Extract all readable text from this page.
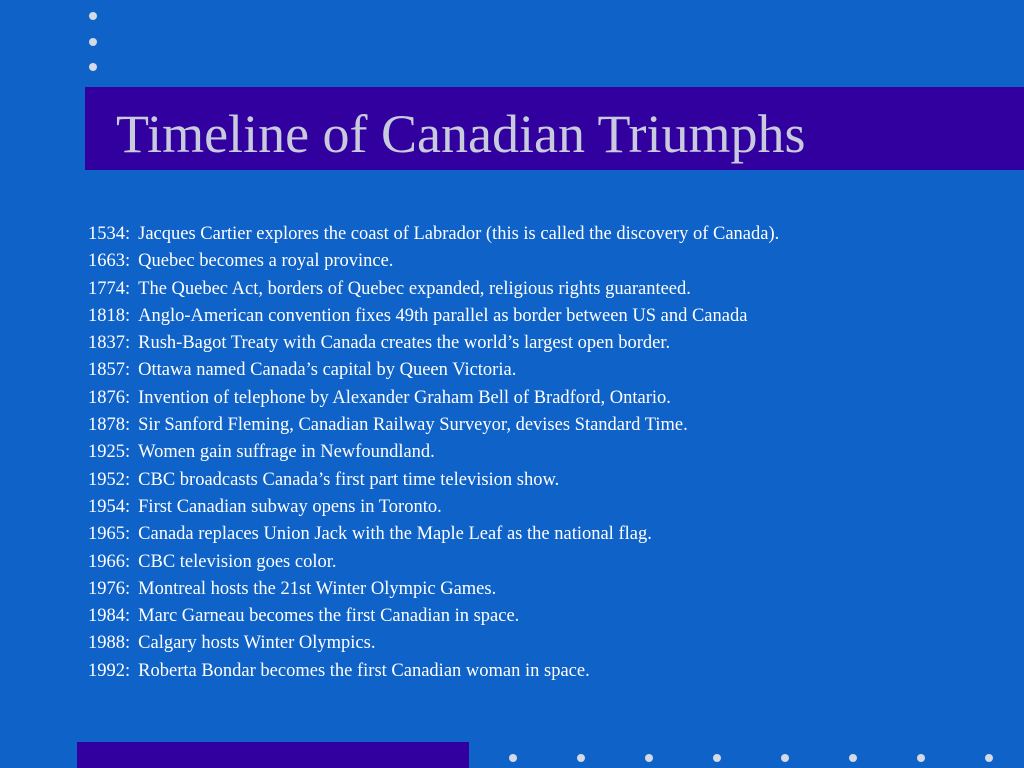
Timeline of Canadian Triumphs
1534 : Jacques Cartier explores the coast of Labrador (this is called the discovery of Canada).
1663 : Quebec becomes a royal province.
1774 : The Quebec Act, borders of Quebec expanded, religious rights guaranteed.
1818 : Anglo-American convention fixes 49th parallel as border between US and Canada
1837 : Rush-Bagot Treaty with Canada creates the world’s largest open border.
1857 : Ottawa named Canada’s capital by Queen Victoria.
1876 : Invention of telephone by Alexander Graham Bell of Bradford, Ontario.
1878 : Sir Sanford Fleming, Canadian Railway Surveyor, devises Standard Time.
1925 : Women gain suffrage in Newfoundland.
1952 : CBC broadcasts Canada’s first part time television show.
1954 : First Canadian subway opens in Toronto.
1965 : Canada replaces Union Jack with the Maple Leaf as the national flag.
1966 : CBC television goes color.
1976 : Montreal hosts the 21st Winter Olympic Games.
1984 : Marc Garneau becomes the first Canadian in space.
1988 : Calgary hosts Winter Olympics.
1992 : Roberta Bondar becomes the first Canadian woman in space.
